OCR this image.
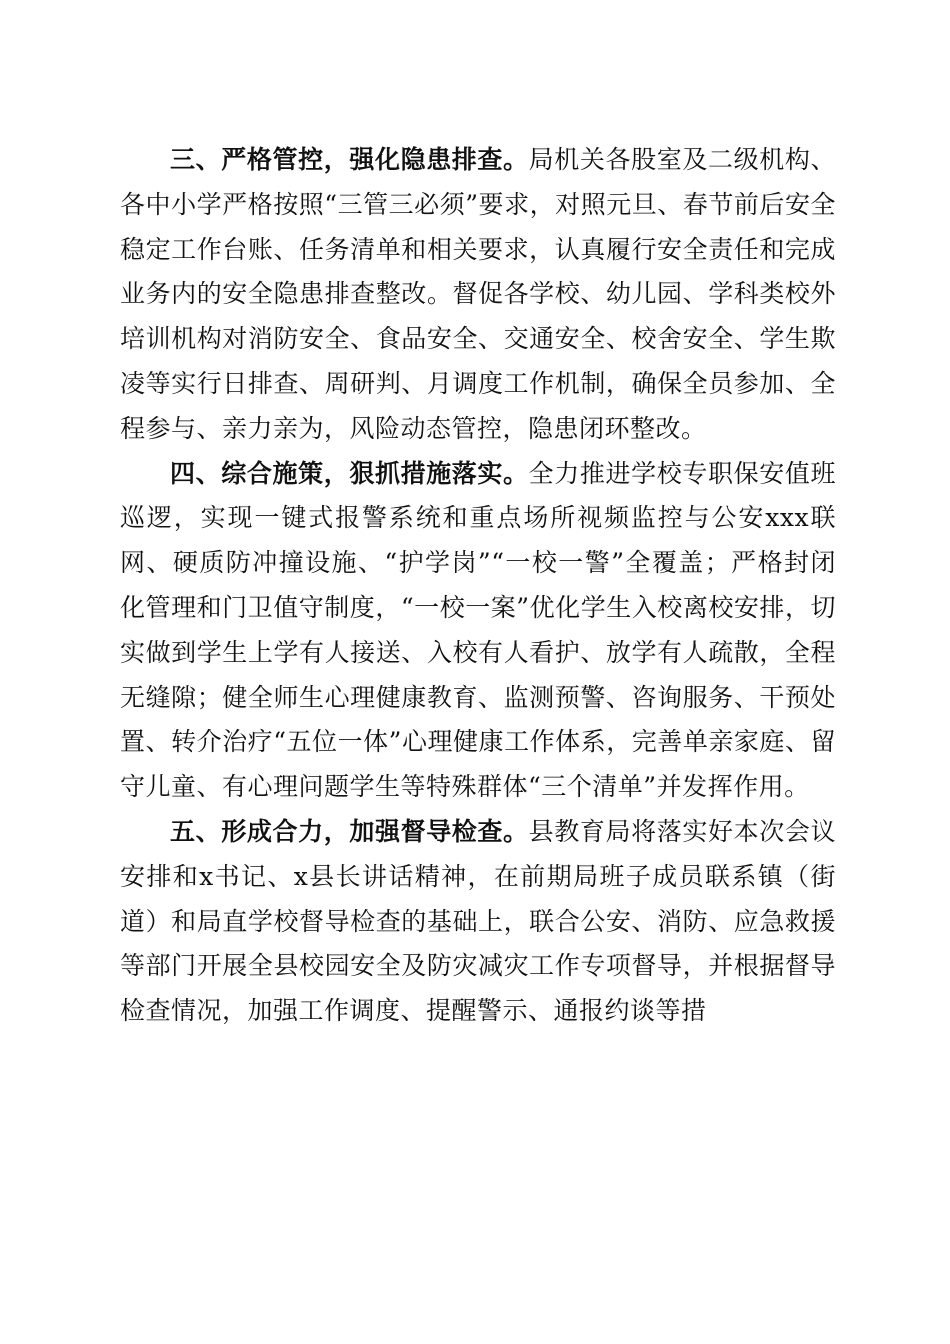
三、严格管控，强化隐患排查。局机关各股室及二级机构、各中小学严格按照“三管三必须”要求，对照元旦、春节前后安全稳定工作台账、任务清单和相关要求，认真履行安全责任和完成业务内的安全隐患排查整改。督促各学校、幼儿园、学科类校外培训机构对消防安全、食品安全、交通安全、校舍安全、学生欺凌等实行日排查、周研判、月调度工作机制，确保全员参加、全程参与、亲力亲为，风险动态管控，隐患闭环整改。

四、综合施策，狠抓措施落实。全力推进学校专职保安值班巡逻，实现一键式报警系统和重点场所视频监控与公安xxx联网、硬质防冲撞设施、“护学岗”“一校一警”全覆盖；严格封闭化管理和门卫值守制度，“一校一案”优化学生入校离校安排，切实做到学生上学有人接送、入校有人看护、放学有人疏散，全程无缝隙；健全师生心理健康教育、监测预警、咨询服务、干预处置、转介治疗“五位一体”心理健康工作体系，完善单亲家庭、留守儿童、有心理问题学生等特殊群体“三个清单”并发挥作用。

五、形成合力，加强督导检查。县教育局将落实好本次会议安排和x书记、x县长讲话精神，在前期局班子成员联系镇（街道）和局直学校督导检查的基础上，联合公安、消防、应急救援等部门开展全县校园安全及防灾减灾工作专项督导，并根据督导检查情况，加强工作调度、提醒警示、通报约谈等措
